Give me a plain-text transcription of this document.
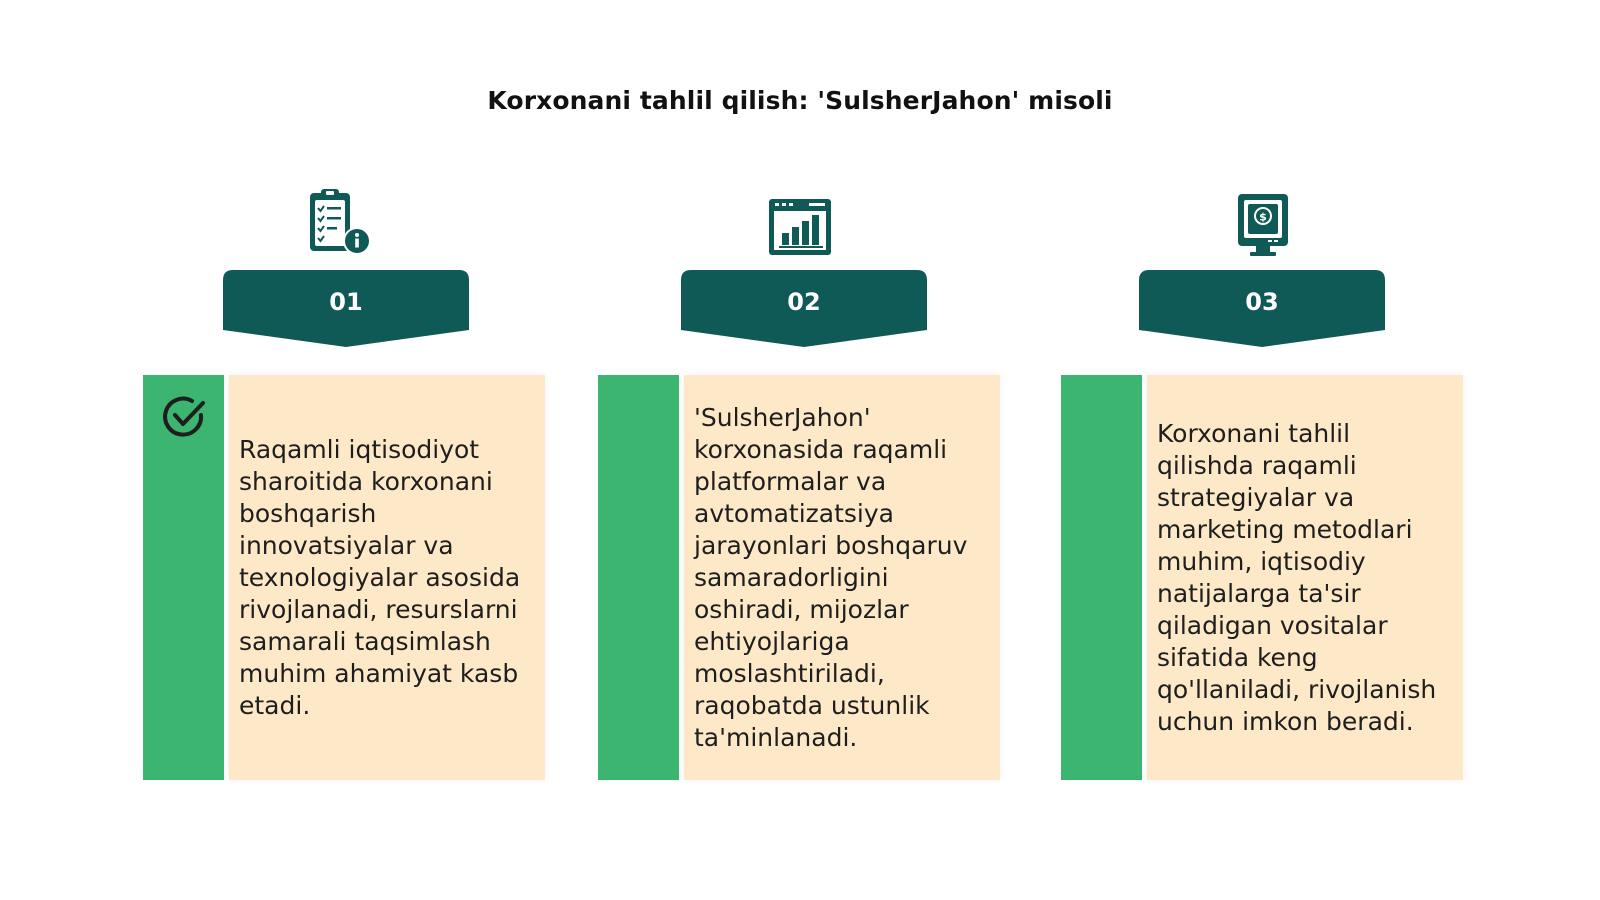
Korxonani tahlil qilish: 'SulsherJahon' misoli
$
01	02	03
Raqamli iqtisodiyot sharoitida korxonani boshqarish innovatsiyalar va texnologiyalar asosida rivojlanadi, resurslarni samarali taqsimlash muhim ahamiyat kasb etadi.
'SulsherJahon' korxonasida raqamli platformalar va avtomatizatsiya jarayonlari boshqaruv samaradorligini oshiradi, mijozlar ehtiyojlariga moslashtiriladi, raqobatda ustunlik ta'minlanadi.
Korxonani tahlil qilishda raqamli strategiyalar va marketing metodlari muhim, iqtisodiy natijalarga ta'sir qiladigan vositalar sifatida keng qo'llaniladi, rivojlanish uchun imkon beradi.
